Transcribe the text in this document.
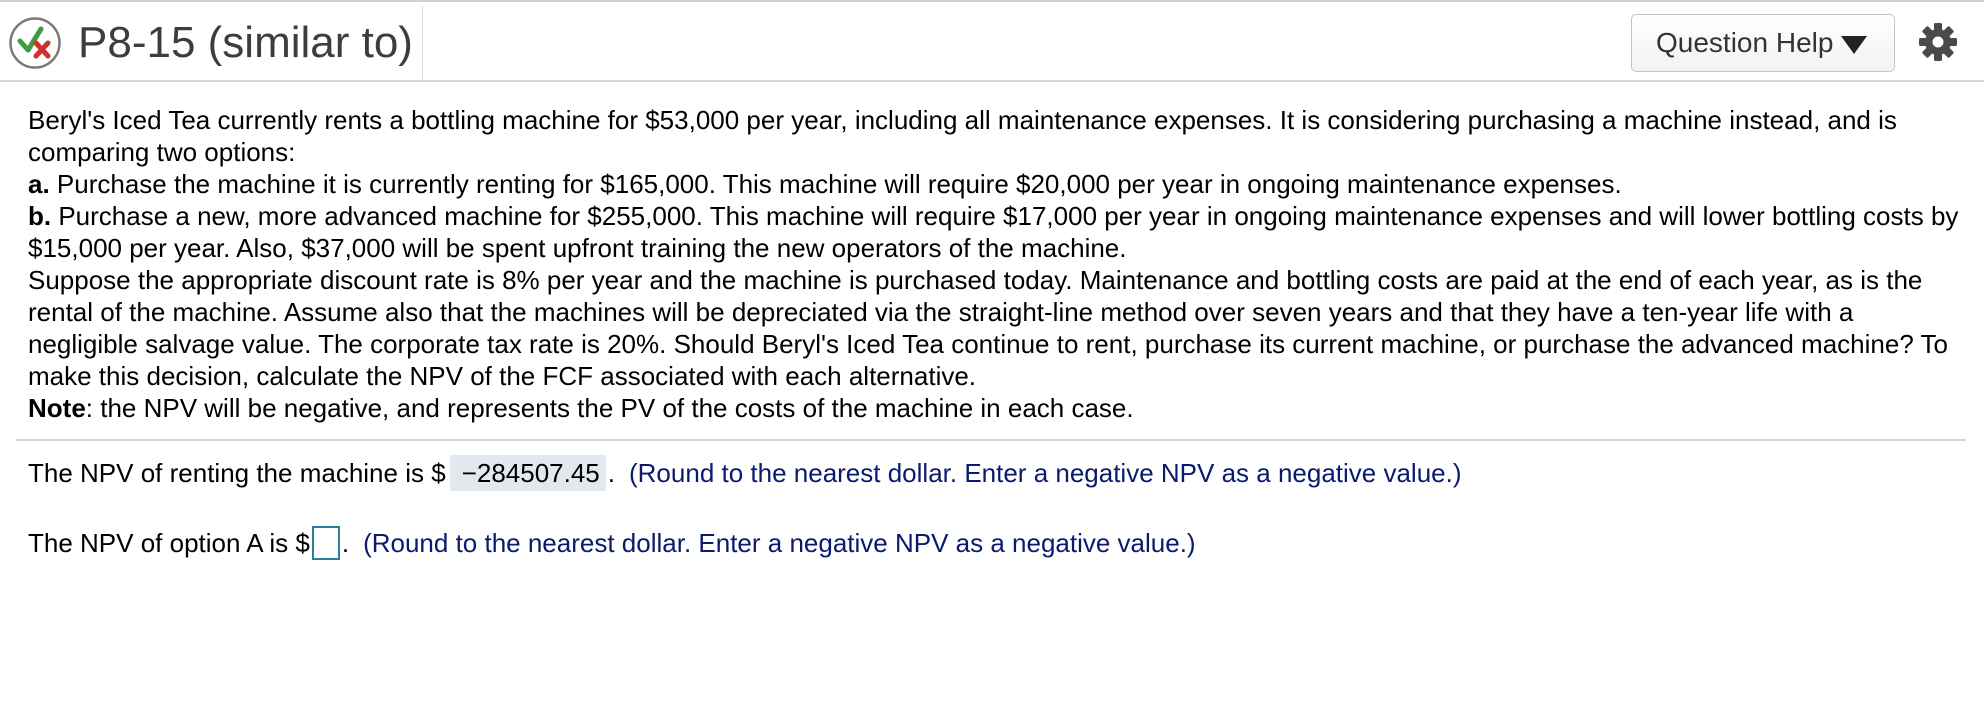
P8-15 (similar to)	Question Help

Beryl's Iced Tea currently rents a bottling machine for $53,000 per year, including all maintenance expenses. It is considering purchasing a machine instead, and is comparing two options:

a. Purchase the machine it is currently renting for $165,000. This machine will require $20,000 per year in ongoing maintenance expenses.

b. Purchase a new, more advanced machine for $255,000. This machine will require $17,000 per year in ongoing maintenance expenses and will lower bottling costs by $15,000 per year. Also, $37,000 will be spent upfront training the new operators of the machine.

Suppose the appropriate discount rate is 8% per year and the machine is purchased today. Maintenance and bottling costs are paid at the end of each year, as is the rental of the machine. Assume also that the machines will be depreciated via the straight-line method over seven years and that they have a ten-year life with a negligible salvage value. The corporate tax rate is 20%. Should Beryl's Iced Tea continue to rent, purchase its current machine, or purchase the advanced machine? To make this decision, calculate the NPV of the FCF associated with each alternative.

Note: the NPV will be negative, and represents the PV of the costs of the machine in each case.

The NPV of renting the machine is $ −284507.45 . (Round to the nearest dollar. Enter a negative NPV as a negative value.)
The NPV of option A is $ . (Round to the nearest dollar. Enter a negative NPV as a negative value.)
